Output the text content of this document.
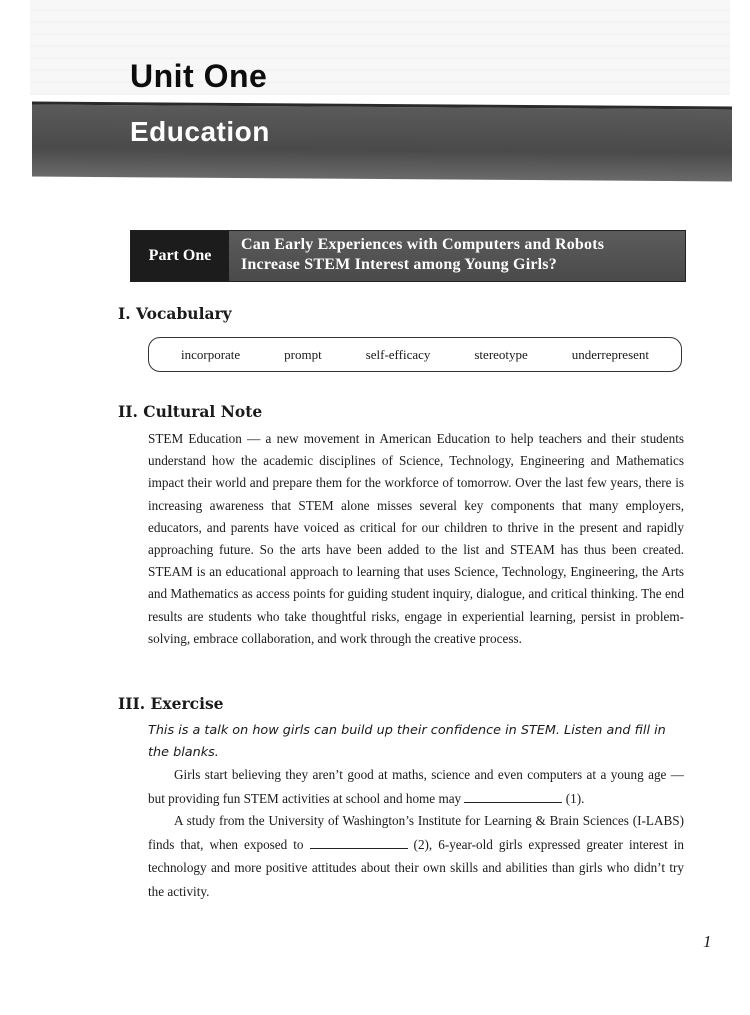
Unit One
Education
Part One
Can Early Experiences with Computers and Robots
Increase STEM Interest among Young Girls?
I. Vocabulary
incorporate	prompt	self-efficacy	stereotype	underrepresent
II. Cultural Note
STEM Education — a new movement in American Education to help teachers and their students understand how the academic disciplines of Science, Technology, Engineering and Mathematics impact their world and prepare them for the workforce of tomorrow. Over the last few years, there is increasing awareness that STEM alone misses several key components that many employers, educators, and parents have voiced as critical for our children to thrive in the present and rapidly approaching future. So the arts have been added to the list and STEAM has thus been created. STEAM is an educational approach to learning that uses Science, Technology, Engineering, the Arts and Mathematics as access points for guiding student inquiry, dialogue, and critical thinking. The end results are students who take thoughtful risks, engage in experiential learning, persist in problem-solving, embrace collaboration, and work through the creative process.
III. Exercise
This is a talk on how girls can build up their confidence in STEM. Listen and fill in the blanks.
Girls start believing they aren’t good at maths, science and even computers at a young age — but providing fun STEM activities at school and home may	(1).
A study from the University of Washington’s Institute for Learning & Brain Sciences (I-LABS) finds that, when exposed to	(2), 6-year-old girls expressed greater interest in technology and more positive attitudes about their own skills and abilities than girls who didn’t try the activity.
1
